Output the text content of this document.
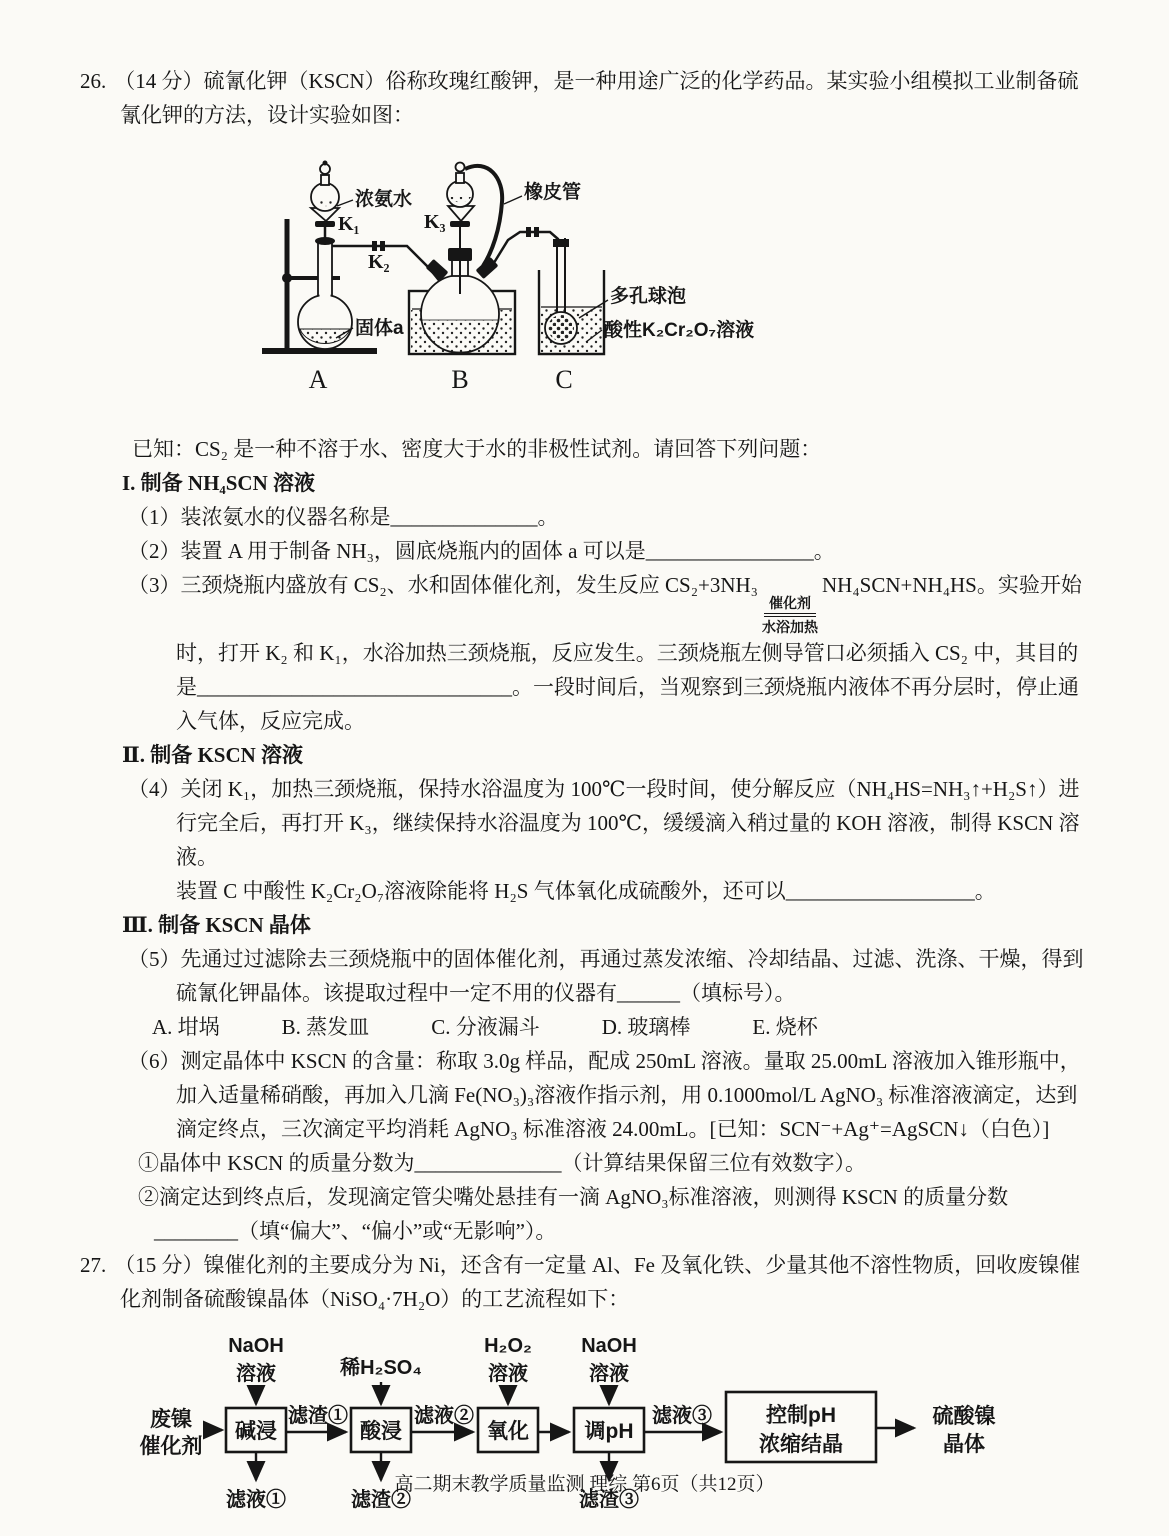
26. （14 分）硫氰化钾（KSCN）俗称玫瑰红酸钾，是一种用途广泛的化学药品。某实验小组模拟工业制备硫氰化钾的方法，设计实验如图：

浓氨水
K₁
K₂
K₃
橡皮管
固体a
多孔球泡
酸性K₂Cr₂O₇溶液
A	B	C

已知：CS₂ 是一种不溶于水、密度大于水的非极性试剂。请回答下列问题：

I. 制备 NH₄SCN 溶液

（1）装浓氨水的仪器名称是______________。

（2）装置 A 用于制备 NH₃，圆底烧瓶内的固体 a 可以是________________。

（3）三颈烧瓶内盛放有 CS₂、水和固体催化剂，发生反应 CS₂+3NH₃
催化剂
水浴加热
NH₄SCN+NH₄HS。实验开始时，打开 K₂ 和 K₁，水浴加热三颈烧瓶，反应发生。三颈烧瓶左侧导管口必须插入 CS₂ 中，其目的是______________________________。一段时间后，当观察到三颈烧瓶内液体不再分层时，停止通入气体，反应完成。

Ⅱ. 制备 KSCN 溶液

（4）关闭 K₁，加热三颈烧瓶，保持水浴温度为 100℃一段时间，使分解反应（NH₄HS=NH₃↑+H₂S↑）进行完全后，再打开 K₃，继续保持水浴温度为 100℃，缓缓滴入稍过量的 KOH 溶液，制得 KSCN 溶液。

装置 C 中酸性 K₂Cr₂O₇溶液除能将 H₂S 气体氧化成硫酸外，还可以__________________。

Ⅲ. 制备 KSCN 晶体

（5）先通过过滤除去三颈烧瓶中的固体催化剂，再通过蒸发浓缩、冷却结晶、过滤、洗涤、干燥，得到硫氰化钾晶体。该提取过程中一定不用的仪器有______（填标号）。

A. 坩埚	B. 蒸发皿	C. 分液漏斗	D. 玻璃棒	E. 烧杯

（6）测定晶体中 KSCN 的含量：称取 3.0g 样品，配成 250mL 溶液。量取 25.00mL 溶液加入锥形瓶中，加入适量稀硝酸，再加入几滴 Fe(NO₃)₃溶液作指示剂，用 0.1000mol/L AgNO₃ 标准溶液滴定，达到滴定终点，三次滴定平均消耗 AgNO₃ 标准溶液 24.00mL。[已知：SCN⁻+Ag⁺=AgSCN↓（白色）]

①晶体中 KSCN 的质量分数为______________（计算结果保留三位有效数字）。

②滴定达到终点后，发现滴定管尖嘴处悬挂有一滴 AgNO₃标准溶液，则测得 KSCN 的质量分数________（填“偏大”、“偏小”或“无影响”）。

27. （15 分）镍催化剂的主要成分为 Ni，还含有一定量 Al、Fe 及氧化铁、少量其他不溶性物质，回收废镍催化剂制备硫酸镍晶体（NiSO₄·7H₂O）的工艺流程如下：

废镍
催化剂
碱浸
NaOH
溶液
滤液①
滤渣①
酸浸
稀H₂SO₄
滤渣②
滤液②
氧化
H₂O₂
溶液
调pH
NaOH
溶液
滤渣③
滤液③	控制pH
浓缩结晶
硫酸镍
晶体
高二期末教学质量监测 理综 第6页（共12页）
